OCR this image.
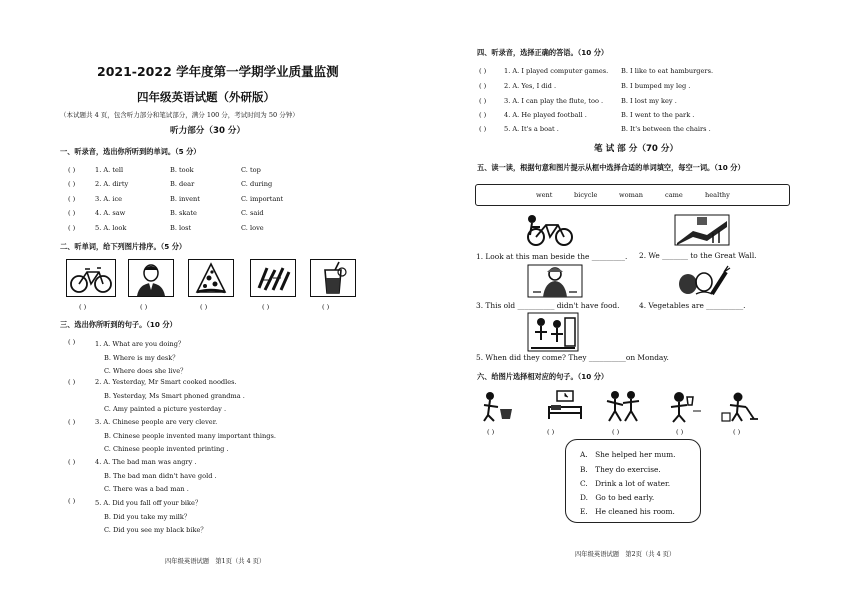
2021-2022 学年度第一学期学业质量监测
四年级英语试题（外研版）
（本试题共 4 页，包含听力部分和笔试部分，满分 100 分，考试时间为 50 分钟）
听力部分（30 分）
一、听录音，选出你所听到的单词。（5 分）
( )	1. A. tell	B. took	C. top
( )	2. A. dirty	B. dear	C. during
( )	3. A. ice	B. invent	C. important
( )	4. A. saw	B. skate	C. said
( )	5. A. look	B. lost	C. love
二、听单词，给下列图片排序。（5 分）
( )	( )	( )	( )	( )
三、选出你所听到的句子。（10 分）
( )	1. A. What are you doing？
B. Where is my desk？
C. Where does she live？
( )	2. A. Yesterday, Mr Smart cooked noodles.
B. Yesterday, Ms Smart phoned grandma .
C. Amy painted a picture yesterday .
( )	3. A. Chinese people are very clever.
B. Chinese people invented many important things.
C. Chinese people invented printing .
( )	4. A. The bad man was angry .
B. The bad man didn't have gold .
C. There was a bad man .
( )	5. A. Did you fall off your bike？
B. Did you take my milk？
C. Did you see my black bike？
四年级英语试题　第1页（共 4 页）
四、听录音，选择正确的答语。（10 分）
( )	1. A. I played computer games. B. I like to eat hamburgers.
( )	2. A. Yes, I did .	B. I bumped my leg .
( )	3. A. I can play the flute, too .	B. I lost my key .
( )	4. A. He played football .	B. I went to the park .
( )	5. A. It's a boat .	B. It's between the chairs .
笔 试 部 分（70 分）
五、读一读，根据句意和图片提示从框中选择合适的单词填空，每空一词。（10 分）
went	bicycle	woman	came	healthy
1. Look at this man beside the _________. 2. We _______ to the Great Wall.
3. This old __________ didn't have food.	4. Vegetables are __________.
5. When did they come? They __________on Monday.
六、给图片选择相对应的句子。（10 分）
( )	( )	( )	( )	( )
A.　She helped her mum.
B.　They do exercise.
C.　Drink a lot of water.
D.　Go to bed early.
E.　He cleaned his room.
四年级英语试题　第2页（共 4 页）
